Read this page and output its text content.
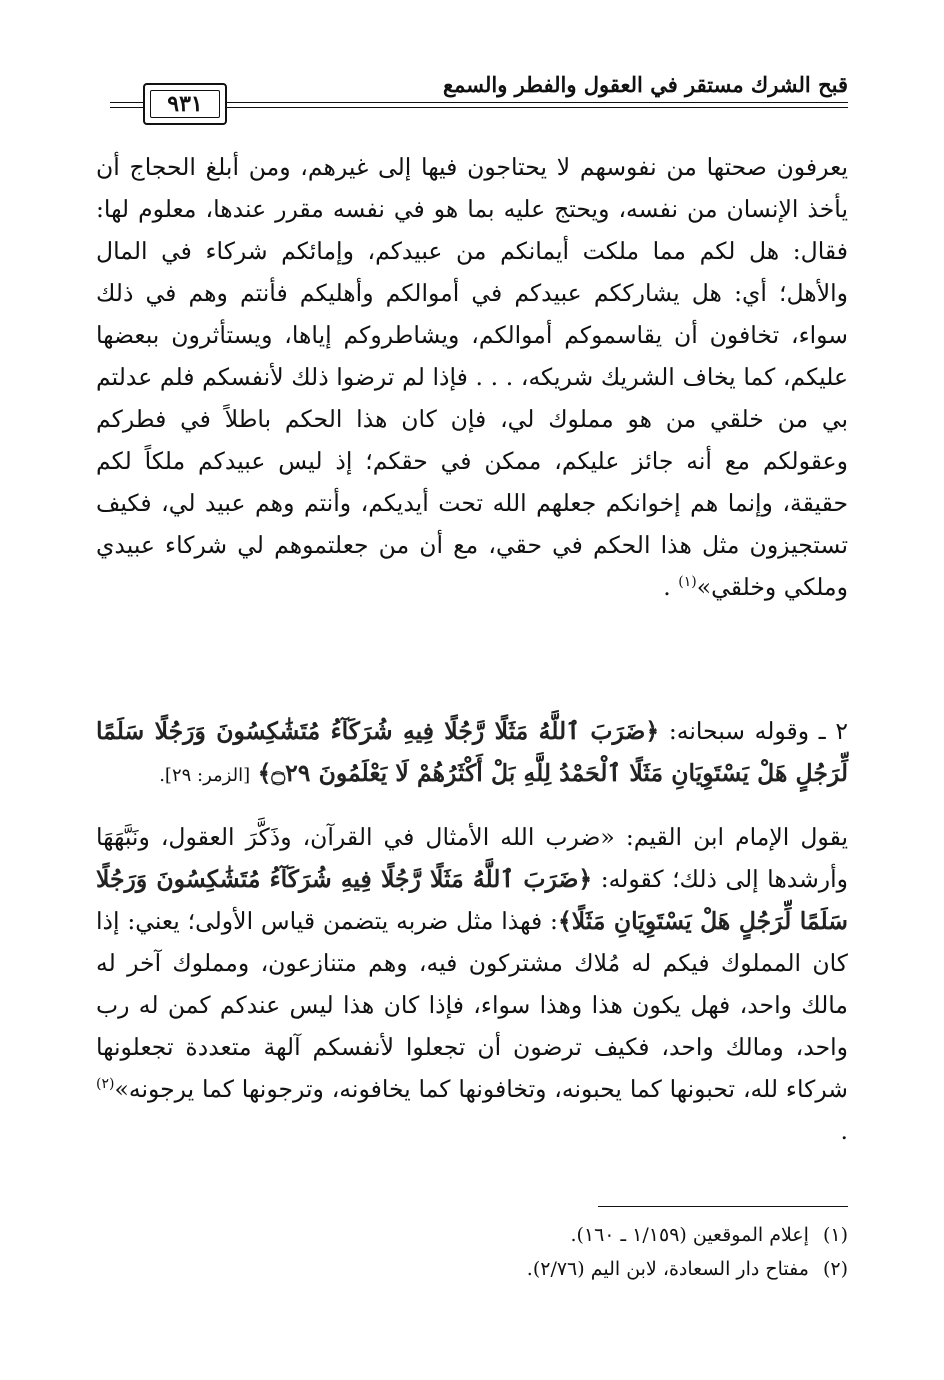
قبح الشرك مستقر في العقول والفطر والسمع
٩٣١

يعرفون صحتها من نفوسهم لا يحتاجون فيها إلى غيرهم، ومن أبلغ الحجاج أن يأخذ الإنسان من نفسه، ويحتج عليه بما هو في نفسه مقرر عندها، معلوم لها: فقال: هل لكم مما ملكت أيمانكم من عبيدكم، وإمائكم شركاء في المال والأهل؛ أي: هل يشارككم عبيدكم في أموالكم وأهليكم فأنتم وهم في ذلك سواء، تخافون أن يقاسموكم أموالكم، ويشاطروكم إياها، ويستأثرون ببعضها عليكم، كما يخاف الشريك شريكه، . . . فإذا لم ترضوا ذلك لأنفسكم فلم عدلتم بي من خلقي من هو مملوك لي، فإن كان هذا الحكم باطلاً في فطركم وعقولكم مع أنه جائز عليكم، ممكن في حقكم؛ إذ ليس عبيدكم ملكاً لكم حقيقة، وإنما هم إخوانكم جعلهم الله تحت أيديكم، وأنتم وهم عبيد لي، فكيف تستجيزون مثل هذا الحكم في حقي، مع أن من جعلتموهم لي شركاء عبيدي وملكي وخلقي»$^{(١)}$ .

٢ ـ وقوله سبحانه: ﴿ضَرَبَ ٱللَّهُ مَثَلًا رَّجُلًا فِيهِ شُرَكَآءُ مُتَشَٰكِسُونَ وَرَجُلًا سَلَمًا لِّرَجُلٍ هَلْ يَسْتَوِيَانِ مَثَلًا ٱلْحَمْدُ لِلَّهِ بَلْ أَكْثَرُهُمْ لَا يَعْلَمُونَ ۝٢٩﴾ [الزمر: ٢٩].

يقول الإمام ابن القيم: «ضرب الله الأمثال في القرآن، وذَكَّرَ العقول، ونَبَّهَهَا وأرشدها إلى ذلك؛ كقوله: ﴿ضَرَبَ ٱللَّهُ مَثَلًا رَّجُلًا فِيهِ شُرَكَآءُ مُتَشَٰكِسُونَ وَرَجُلًا سَلَمًا لِّرَجُلٍ هَلْ يَسْتَوِيَانِ مَثَلًا﴾: فهذا مثل ضربه يتضمن قياس الأولى؛ يعني: إذا كان المملوك فيكم له مُلاك مشتركون فيه، وهم متنازعون، ومملوك آخر له مالك واحد، فهل يكون هذا وهذا سواء، فإذا كان هذا ليس عندكم كمن له رب واحد، ومالك واحد، فكيف ترضون أن تجعلوا لأنفسكم آلهة متعددة تجعلونها شركاء لله، تحبونها كما يحبونه، وتخافونها كما يخافونه، وترجونها كما يرجونه»$^{(٢)}$ .

(١)
إعلام الموقعين (١/١٥٩ ـ ١٦٠).
(٢)
مفتاح دار السعادة، لابن اليم (٢/٧٦).
